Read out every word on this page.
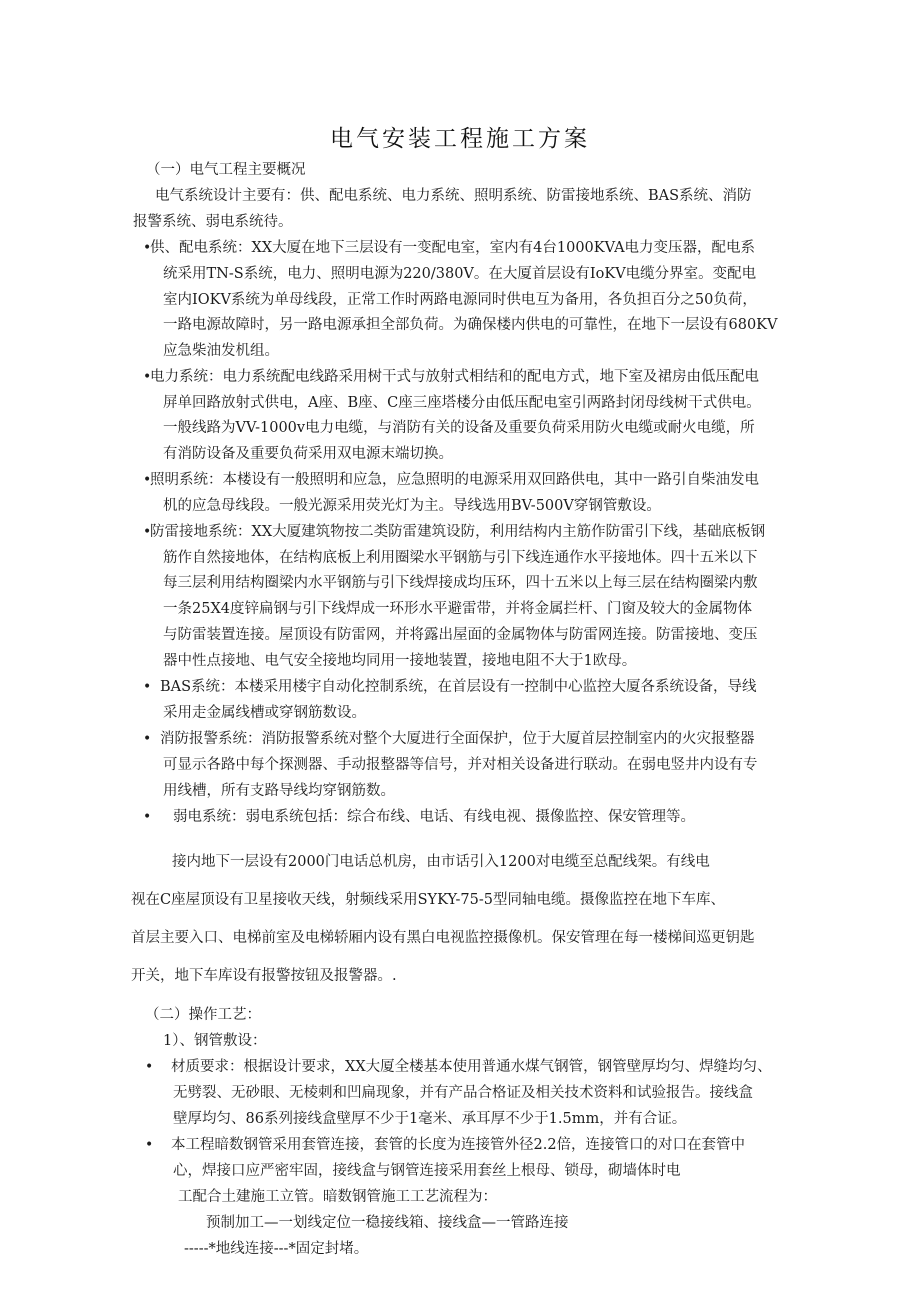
电气安装工程施工方案
（一）电气工程主要概况
电气系统设计主要有：供、配电系统、电力系统、照明系统、防雷接地系统、BAS系统、消防
报警系统、弱电系统待。
•
供、配电系统：XX大厦在地下三层设有一变配电室，室内有4台1000KVA电力变压器，配电系
统采用TN-S系统，电力、照明电源为220/380V。在大厦首层设有IoKV电缆分界室。变配电
室内IOKV系统为单母线段，正常工作时两路电源同时供电互为备用，各负担百分之50负荷，
一路电源故障时，另一路电源承担全部负荷。为确保楼内供电的可靠性，在地下一层设有680KV
应急柴油发机组。
•
电力系统：电力系统配电线路采用树干式与放射式相结和的配电方式，地下室及裙房由低压配电
屏单回路放射式供电，A座、B座、C座三座塔楼分由低压配电室引两路封闭母线树干式供电。
一般线路为VV-1000v电力电缆，与消防有关的设备及重要负荷采用防火电缆或耐火电缆，所
有消防设备及重要负荷采用双电源末端切换。
•
照明系统：本楼设有一般照明和应急，应急照明的电源采用双回路供电，其中一路引自柴油发电
机的应急母线段。一般光源采用荧光灯为主。导线选用BV-500V穿钢管敷设。
•
防雷接地系统：XX大厦建筑物按二类防雷建筑设防，利用结构内主筋作防雷引下线，基础底板钢
筋作自然接地体，在结构底板上利用圈梁水平钢筋与引下线连通作水平接地体。四十五米以下
每三层利用结构圈梁内水平钢筋与引下线焊接成均压环，四十五米以上每三层在结构圈梁内敷
一条25X4度锌扁钢与引下线焊成一环形水平避雷带，并将金属拦杆、门窗及较大的金属物体
与防雷装置连接。屋顶设有防雷网，并将露出屋面的金属物体与防雷网连接。防雷接地、变压
器中性点接地、电气安全接地均同用一接地装置，接地电阻不大于1欧母。
• BAS系统：本楼采用楼宇自动化控制系统，在首层设有一控制中心监控大厦各系统设备，导线
采用走金属线槽或穿钢筋数设。
• 消防报警系统：消防报警系统对整个大厦进行全面保护，位于大厦首层控制室内的火灾报整器
可显示各路中每个探测器、手动报整器等信号，并对相关设备进行联动。在弱电竖井内设有专
用线槽，所有支路导线均穿钢筋数。
• 弱电系统：弱电系统包括：综合布线、电话、有线电视、摄像监控、保安管理等。
接内地下一层设有2000门电话总机房，由市话引入1200对电缆至总配线架。有线电
视在C座屋顶设有卫星接收天线，射频线采用SYKY-75-5型同轴电缆。摄像监控在地下车库、
首层主要入口、电梯前室及电梯轿厢内设有黑白电视监控摄像机。保安管理在每一楼梯间巡更钥匙
开关，地下车库设有报警按钮及报警器。.
（二）操作工艺：
1）、钢管敷设：
• 材质要求：根据设计要求，XX大厦全楼基本使用普通水煤气钢管，钢管壁厚均匀、焊缝均匀、
无劈裂、无砂眼、无棱刺和凹扁现象，并有产品合格证及相关技术资料和试验报告。接线盒
壁厚均匀、86系列接线盒壁厚不少于1毫米、承耳厚不少于1.5mm，并有合证。
• 本工程暗数钢管采用套管连接，套管的长度为连接管外径2.2倍，连接管口的对口在套管中
心，焊接口应严密牢固，接线盒与钢管连接采用套丝上根母、锁母，砌墙体时电
工配合土建施工立管。暗数钢管施工工艺流程为：
预制加工—一划线定位一稳接线箱、接线盒—一管路连接
-----*地线连接---*固定封堵。
